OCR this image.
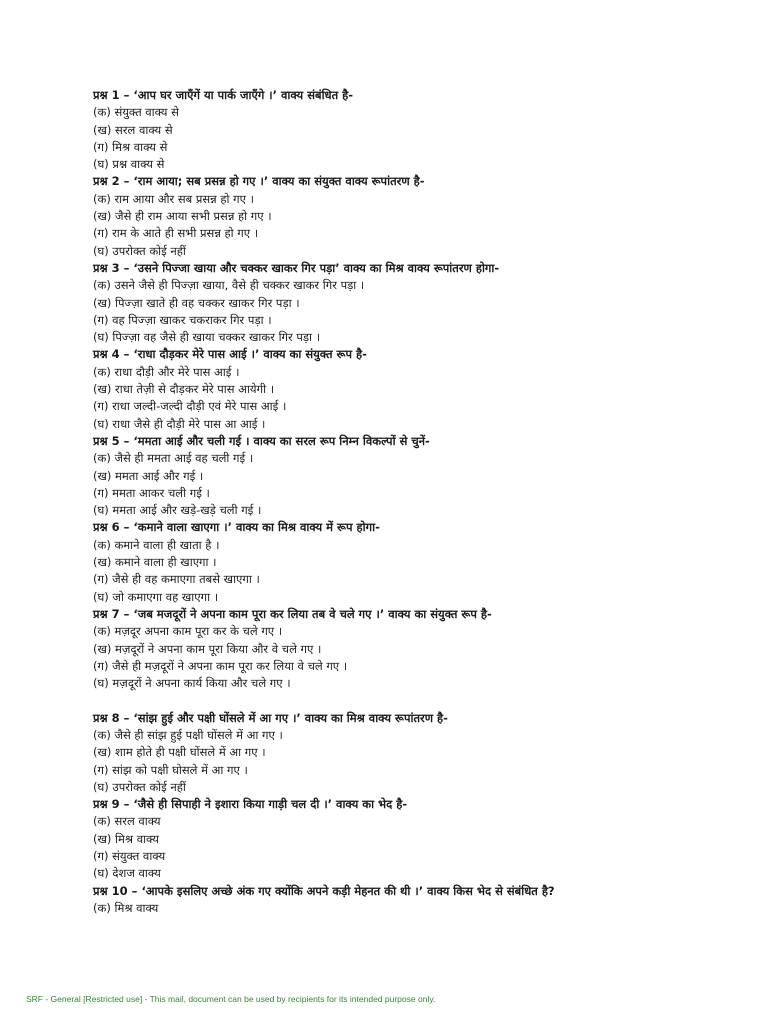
प्रश्न 1 – ‘आप घर जाएँगें या पार्क जाएँगे ।’ वाक्य संबंधित है-
(क) संयुक्त वाक्य से
(ख) सरल वाक्य से
(ग) मिश्र वाक्य से
(घ) प्रश्न वाक्य से
प्रश्न 2 – ‘राम आया; सब प्रसन्न हो गए ।’ वाक्य का संयुक्त वाक्य रूपांतरण है-
(क) राम आया और सब प्रसन्न हो गए ।
(ख) जैसे ही राम आया सभी प्रसन्न हो गए ।
(ग) राम के आते ही सभी प्रसन्न हो गए ।
(घ) उपरोक्त कोई नहीं
प्रश्न 3 – ‘उसने पिज्जा खाया और चक्कर खाकर गिर पड़ा’ वाक्य का मिश्र वाक्य रूपांतरण होगा-
(क) उसने जैसे ही पिज्ज़ा खाया, वैसे ही चक्कर खाकर गिर पड़ा ।
(ख) पिज्ज़ा खाते ही वह चक्कर खाकर गिर पड़ा ।
(ग) वह पिज्ज़ा खाकर चकराकर गिर पड़ा ।
(घ) पिज्ज़ा वह जैसे ही खाया चक्कर खाकर गिर पड़ा ।
प्रश्न 4 – ‘राधा दौड़कर मेरे पास आई ।’ वाक्य का संयुक्त रूप है-
(क) राधा दौड़ी और मेरे पास आई ।
(ख) राधा तेज़ी से दौड़कर मेरे पास आयेगी ।
(ग) राधा जल्दी-जल्दी दौड़ी एवं मेरे पास आई ।
(घ) राधा जैसे ही दौड़ी मेरे पास आ आई ।
प्रश्न 5 – ‘ममता आई और चली गई । वाक्य का सरल रूप निम्न विकल्पों से चुनें-
(क) जैसे ही ममता आई वह चली गई ।
(ख) ममता आई और गई ।
(ग) ममता आकर चली गई ।
(घ) ममता आई और खड़े-खड़े चली गई ।
प्रश्न 6 – ‘कमाने वाला खाएगा ।’ वाक्य का मिश्र वाक्य में रूप होगा-
(क) कमाने वाला ही खाता है ।
(ख) कमाने वाला ही खाएगा ।
(ग) जैसे ही वह कमाएगा तबसे खाएगा ।
(घ) जो कमाएगा वह खाएगा ।
प्रश्न 7 – ‘जब मजदूरों ने अपना काम पूरा कर लिया तब वे चले गए ।’ वाक्य का संयुक्त रूप है-
(क) मज़दूर अपना काम पूरा कर के चले गए ।
(ख) मज़दूरों ने अपना काम पूरा किया और वे चले गए ।
(ग) जैसे ही मज़दूरों ने अपना काम पूरा कर लिया वे चले गए ।
(घ) मज़दूरों ने अपना कार्य किया और चले गए ।
प्रश्न 8 – ‘सांझ हुई और पक्षी घोंसले में आ गए ।’ वाक्य का मिश्र वाक्य रूपांतरण है-
(क) जैसे ही सांझ हुई पक्षी घोंसले में आ गए ।
(ख) शाम होते ही पक्षी घोंसले में आ गए ।
(ग) सांझ को पक्षी घोसले में आ गए ।
(घ) उपरोक्त कोई नहीं
प्रश्न 9 – ‘जैसे ही सिपाही ने इशारा किया गाड़ी चल दी ।’ वाक्य का भेद है-
(क) सरल वाक्य
(ख) मिश्र वाक्य
(ग) संयुक्त वाक्य
(घ) देशज वाक्य
प्रश्न 10 – ‘आपके इसलिए अच्छे अंक गए क्योंकि अपने कड़ी मेहनत की थी ।’ वाक्य किस भेद से संबंधित है?
(क) मिश्र वाक्य
SRF - General [Restricted use] - This mail, document can be used by recipients for its intended purpose only.
